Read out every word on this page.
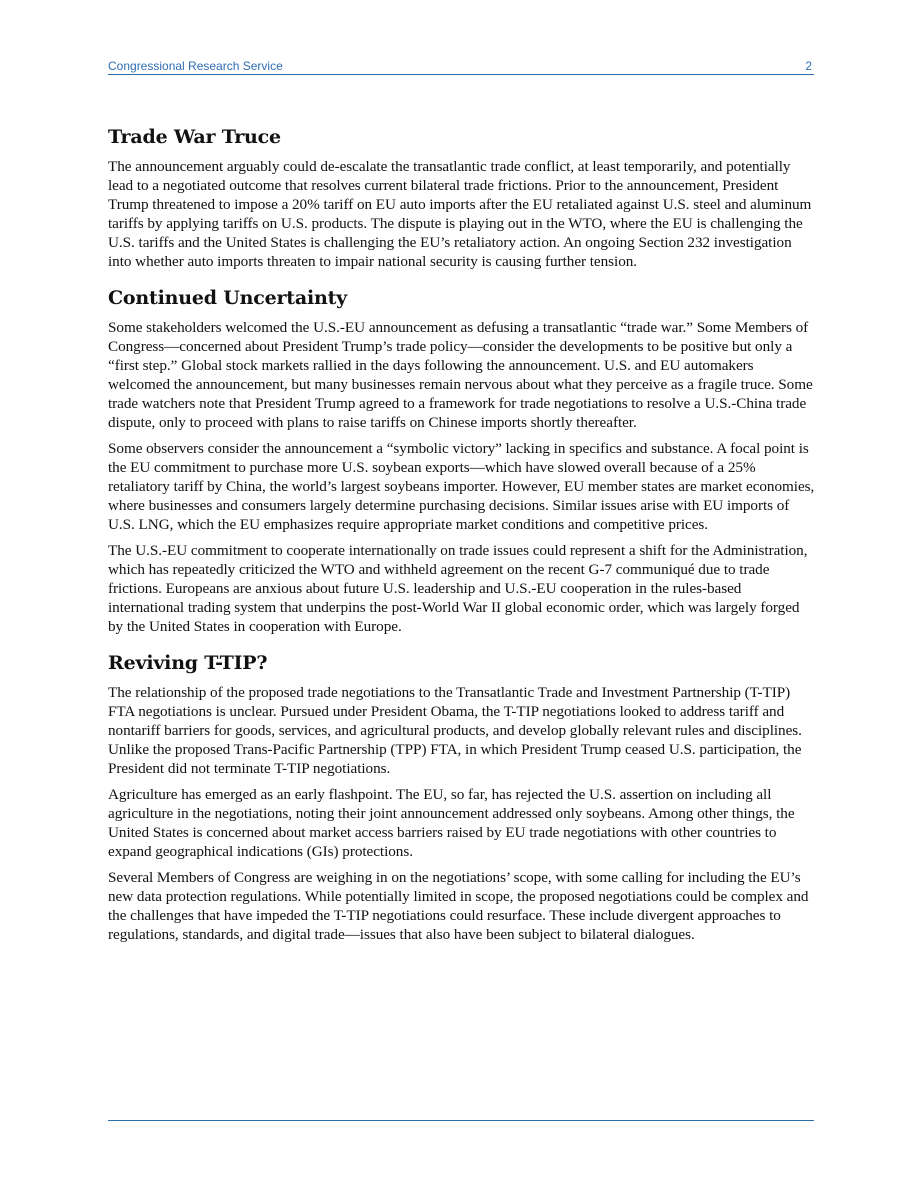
Congressional Research Service	2
Trade War Truce

The announcement arguably could de-escalate the transatlantic trade conflict, at least temporarily, and potentially lead to a negotiated outcome that resolves current bilateral trade frictions. Prior to the announcement, President Trump threatened to impose a 20% tariff on EU auto imports after the EU retaliated against U.S. steel and aluminum tariffs by applying tariffs on U.S. products. The dispute is playing out in the WTO, where the EU is challenging the U.S. tariffs and the United States is challenging the EU’s retaliatory action. An ongoing Section 232 investigation into whether auto imports threaten to impair national security is causing further tension.

Continued Uncertainty

Some stakeholders welcomed the U.S.-EU announcement as defusing a transatlantic “trade war.” Some Members of Congress—concerned about President Trump’s trade policy—consider the developments to be positive but only a “first step.” Global stock markets rallied in the days following the announcement. U.S. and EU automakers welcomed the announcement, but many businesses remain nervous about what they perceive as a fragile truce. Some trade watchers note that President Trump agreed to a framework for trade negotiations to resolve a U.S.-China trade dispute, only to proceed with plans to raise tariffs on Chinese imports shortly thereafter.

Some observers consider the announcement a “symbolic victory” lacking in specifics and substance. A focal point is the EU commitment to purchase more U.S. soybean exports—which have slowed overall because of a 25% retaliatory tariff by China, the world’s largest soybeans importer. However, EU member states are market economies, where businesses and consumers largely determine purchasing decisions. Similar issues arise with EU imports of U.S. LNG, which the EU emphasizes require appropriate market conditions and competitive prices.

The U.S.-EU commitment to cooperate internationally on trade issues could represent a shift for the Administration, which has repeatedly criticized the WTO and withheld agreement on the recent G-7 communiqué due to trade frictions. Europeans are anxious about future U.S. leadership and U.S.-EU cooperation in the rules-based international trading system that underpins the post-World War II global economic order, which was largely forged by the United States in cooperation with Europe.

Reviving T-TIP?

The relationship of the proposed trade negotiations to the Transatlantic Trade and Investment Partnership (T-TIP) FTA negotiations is unclear. Pursued under President Obama, the T-TIP negotiations looked to address tariff and nontariff barriers for goods, services, and agricultural products, and develop globally relevant rules and disciplines. Unlike the proposed Trans-Pacific Partnership (TPP) FTA, in which President Trump ceased U.S. participation, the President did not terminate T-TIP negotiations.

Agriculture has emerged as an early flashpoint. The EU, so far, has rejected the U.S. assertion on including all agriculture in the negotiations, noting their joint announcement addressed only soybeans. Among other things, the United States is concerned about market access barriers raised by EU trade negotiations with other countries to expand geographical indications (GIs) protections.

Several Members of Congress are weighing in on the negotiations’ scope, with some calling for including the EU’s new data protection regulations. While potentially limited in scope, the proposed negotiations could be complex and the challenges that have impeded the T-TIP negotiations could resurface. These include divergent approaches to regulations, standards, and digital trade—issues that also have been subject to bilateral dialogues.
